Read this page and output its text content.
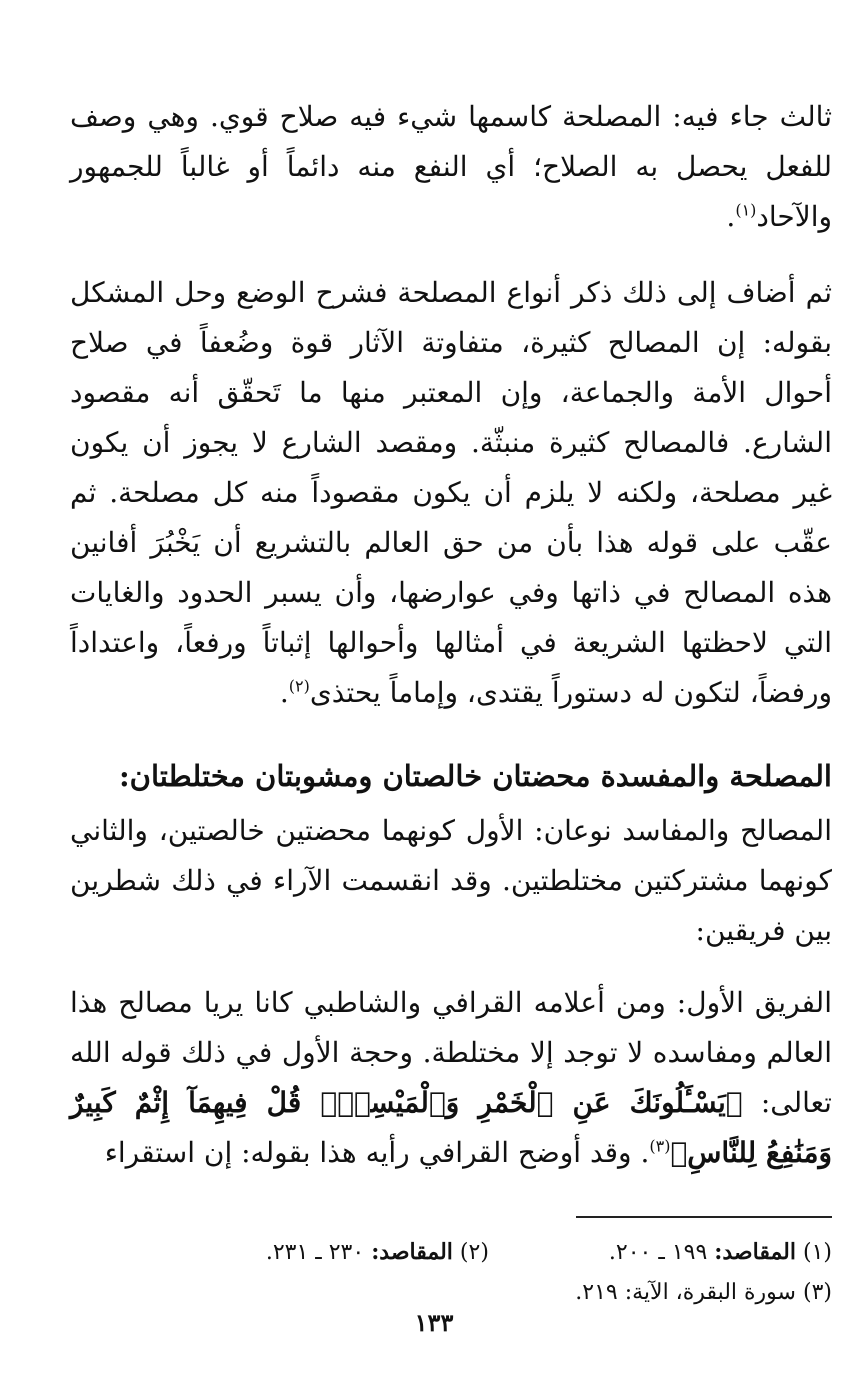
ثالث جاء فيه: المصلحة كاسمها شيء فيه صلاح قوي. وهي وصف للفعل يحصل به الصلاح؛ أي النفع منه دائماً أو غالباً للجمهور والآحاد$^{(١)}$.

ثم أضاف إلى ذلك ذكر أنواع المصلحة فشرح الوضع وحل المشكل بقوله: إن المصالح كثيرة، متفاوتة الآثار قوة وضُعفاً في صلاح أحوال الأمة والجماعة، وإن المعتبر منها ما تَحقّق أنه مقصود الشارع. فالمصالح كثيرة منبثّة. ومقصد الشارع لا يجوز أن يكون غير مصلحة، ولكنه لا يلزم أن يكون مقصوداً منه كل مصلحة. ثم عقّب على قوله هذا بأن من حق العالم بالتشريع أن يَخْبُرَ أفانين هذه المصالح في ذاتها وفي عوارضها، وأن يسبر الحدود والغايات التي لاحظتها الشريعة في أمثالها وأحوالها إثباتاً ورفعاً، واعتداداً ورفضاً، لتكون له دستوراً يقتدى، وإماماً يحتذى$^{(٢)}$.

المصلحة والمفسدة محضتان خالصتان ومشوبتان مختلطتان:

المصالح والمفاسد نوعان: الأول كونهما محضتين خالصتين، والثاني كونهما مشتركتين مختلطتين. وقد انقسمت الآراء في ذلك شطرين بين فريقين:

الفريق الأول: ومن أعلامه القرافي والشاطبي كانا يريا مصالح هذا العالم ومفاسده لا توجد إلا مختلطة. وحجة الأول في ذلك قوله الله تعالى: ﴿يَسْـَٔلُونَكَ عَنِ ٱلْخَمْرِ وَٱلْمَيْسِرِۖ قُلْ فِيهِمَآ إِثْمٌ كَبِيرٌ وَمَنَٰفِعُ لِلنَّاسِ﴾$^{(٣)}$. وقد أوضح القرافي رأيه هذا بقوله: إن استقراء

(١) المقاصد: ١٩٩ ـ ٢٠٠.
(٢) المقاصد: ٢٣٠ ـ ٢٣١.
(٣) سورة البقرة، الآية: ٢١٩.
١٣٣
